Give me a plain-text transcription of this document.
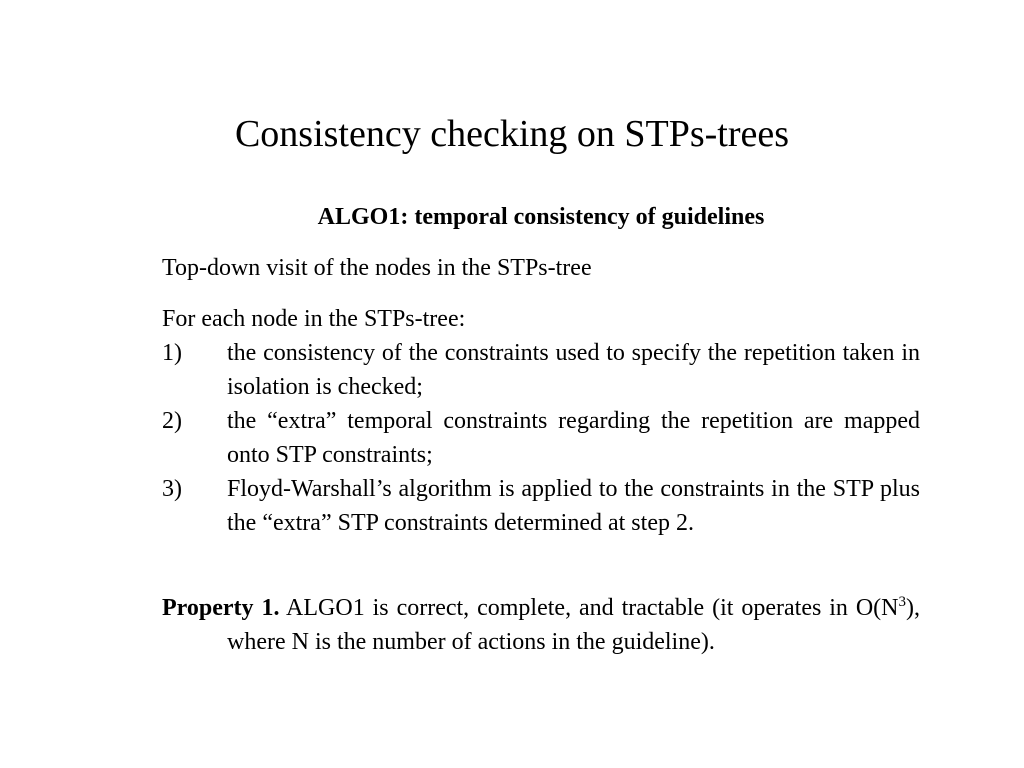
Consistency checking on STPs-trees

ALGO1: temporal consistency of guidelines

Top-down visit of the nodes in the STPs-tree

For each node in the STPs-tree:

1) the consistency of the constraints used to specify the repetition taken in isolation is checked;
2) the “extra” temporal constraints regarding the repetition are mapped onto STP constraints;
3) Floyd-Warshall’s algorithm is applied to the constraints in the STP plus the “extra” STP constraints determined at step 2.

Property 1. ALGO1 is correct, complete, and tractable (it operates in $O(N^3)$, where N is the number of actions in the guideline).
